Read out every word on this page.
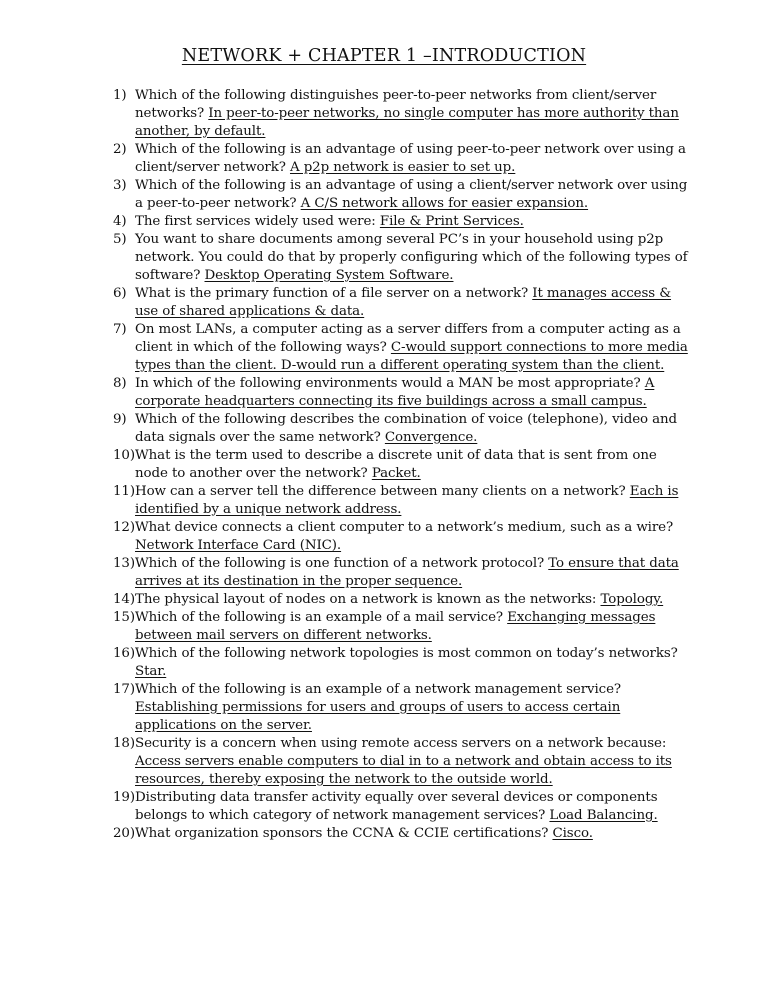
NETWORK + CHAPTER 1 –INTRODUCTION
1) Which of the following distinguishes peer-to-peer networks from client/server networks? In peer-to-peer networks, no single computer has more authority than another, by default.
2) Which of the following is an advantage of using peer-to-peer network over using a client/server network? A p2p network is easier to set up.
3) Which of the following is an advantage of using a client/server network over using a peer-to-peer network? A C/S network allows for easier expansion.
4) The first services widely used were: File & Print Services.
5) You want to share documents among several PC’s in your household using p2p network. You could do that by properly configuring which of the following types of software? Desktop Operating System Software.
6) What is the primary function of a file server on a network? It manages access & use of shared applications & data.
7) On most LANs, a computer acting as a server differs from a computer acting as a client in which of the following ways? C-would support connections to more media types than the client. D-would run a different operating system than the client.
8) In which of the following environments would a MAN be most appropriate? A corporate headquarters connecting its five buildings across a small campus.
9) Which of the following describes the combination of voice (telephone), video and data signals over the same network? Convergence.
10) What is the term used to describe a discrete unit of data that is sent from one node to another over the network? Packet.
11) How can a server tell the difference between many clients on a network? Each is identified by a unique network address.
12) What device connects a client computer to a network’s medium, such as a wire? Network Interface Card (NIC).
13) Which of the following is one function of a network protocol? To ensure that data arrives at its destination in the proper sequence.
14) The physical layout of nodes on a network is known as the networks: Topology.
15) Which of the following is an example of a mail service? Exchanging messages between mail servers on different networks.
16) Which of the following network topologies is most common on today’s networks? Star.
17) Which of the following is an example of a network management service? Establishing permissions for users and groups of users to access certain applications on the server.
18) Security is a concern when using remote access servers on a network because: Access servers enable computers to dial in to a network and obtain access to its resources, thereby exposing the network to the outside world.
19) Distributing data transfer activity equally over several devices or components belongs to which category of network management services? Load Balancing.
20) What organization sponsors the CCNA & CCIE certifications? Cisco.
